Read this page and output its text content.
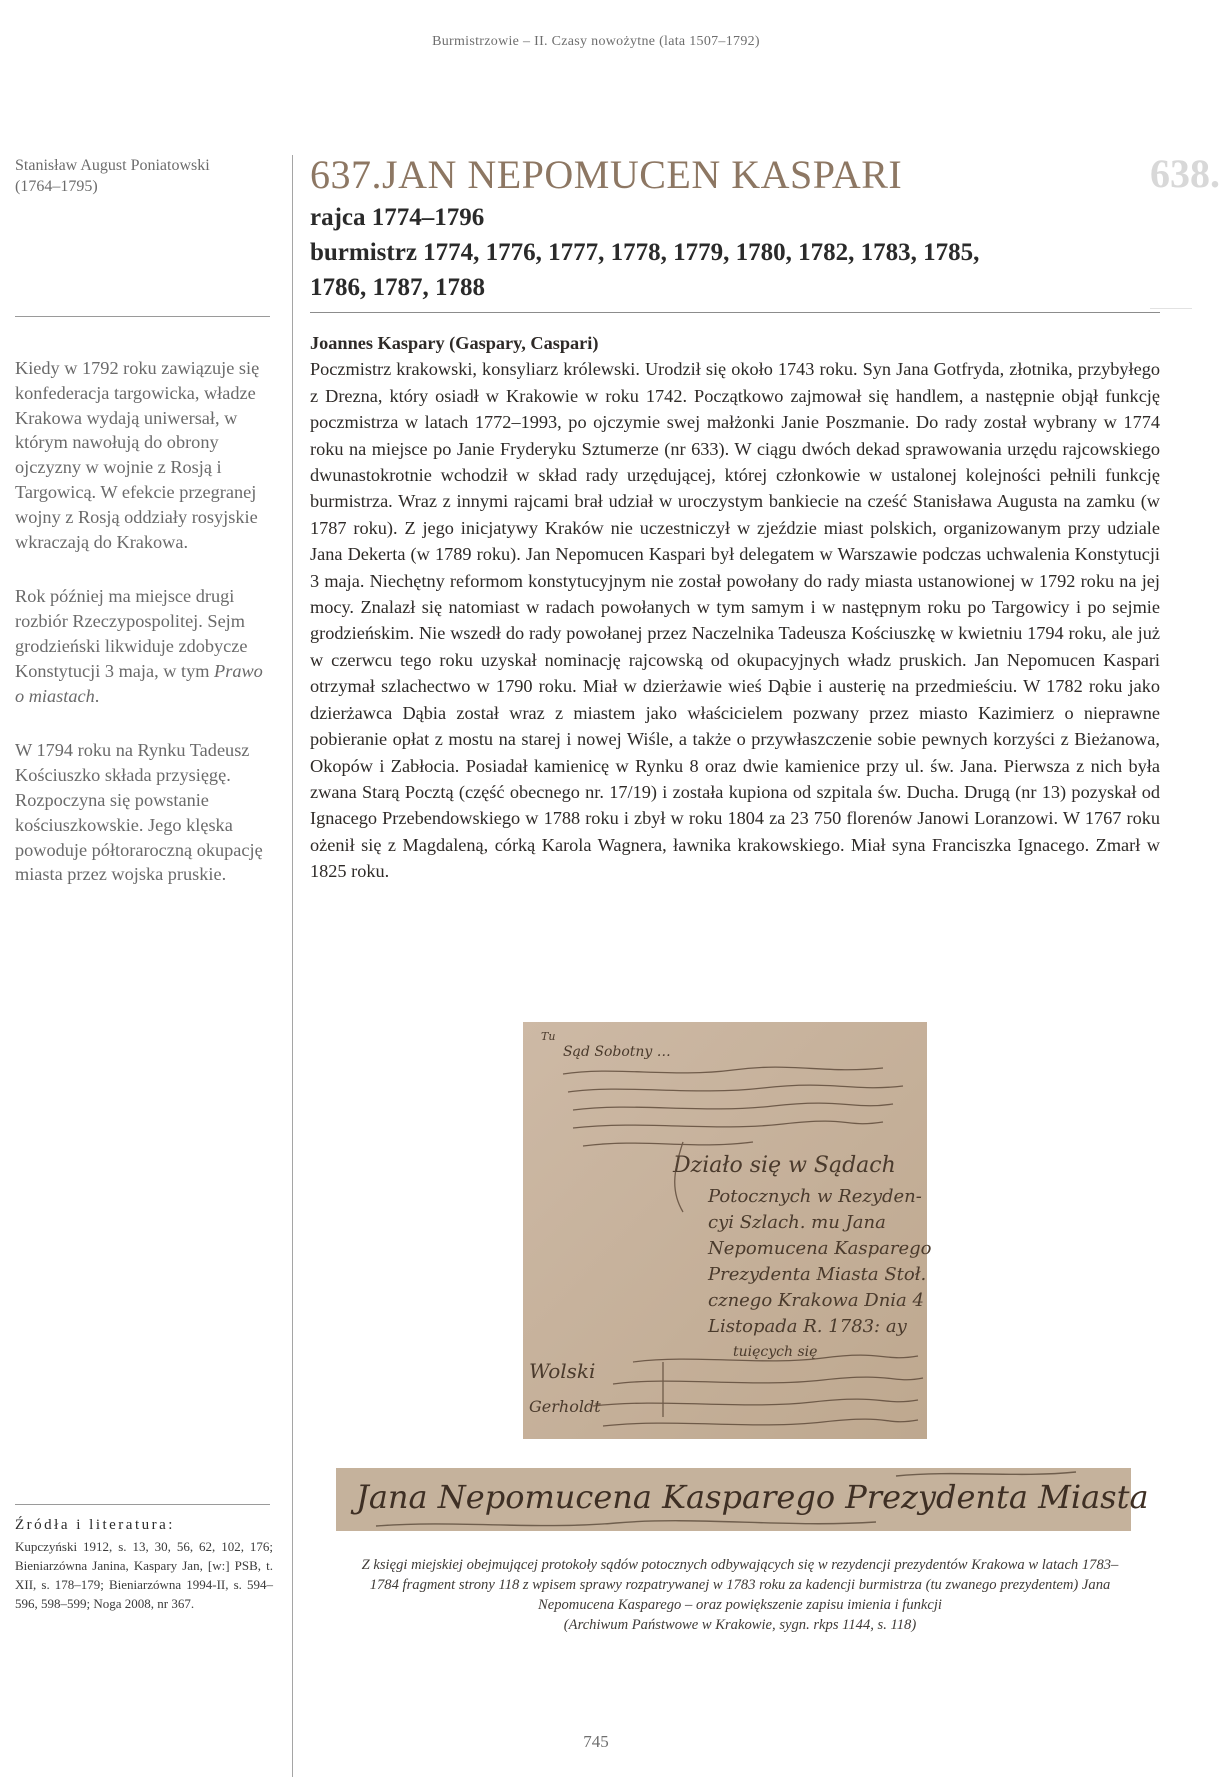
Burmistrzowie – II. Czasy nowożytne (lata 1507–1792)
638.
Stanisław August Poniatowski
(1764–1795)

Kiedy w 1792 roku zawiązuje się konfederacja targowicka, władze Krakowa wydają uniwersał, w którym nawołują do obrony ojczyzny w wojnie z Rosją i Targowicą. W efekcie przegranej wojny z Rosją oddziały rosyjskie wkraczają do Krakowa.

Rok później ma miejsce drugi rozbiór Rzeczypospolitej. Sejm grodzieński likwiduje zdobycze Konstytucji 3 maja, w tym Prawo o miastach.

W 1794 roku na Rynku Tadeusz Kościuszko składa przysięgę. Rozpoczyna się powstanie kościuszkowskie. Jego klęska powoduje półtoraroczną okupację miasta przez wojska pruskie.

637.JAN NEPOMUCEN KASPARI
rajca 1774–1796
burmistrz 1774, 1776, 1777, 1778, 1779, 1780, 1782, 1783, 1785,
1786, 1787, 1788
Joannes Kaspary (Gaspary, Caspari)
Poczmistrz krakowski, konsyliarz królewski. Urodził się około 1743 roku. Syn Jana Gotfryda, złotnika, przybyłego z Drezna, który osiadł w Krakowie w roku 1742. Początkowo zajmował się handlem, a następnie objął funkcję poczmistrza w latach 1772–1993, po ojczymie swej małżonki Janie Poszmanie. Do rady został wybrany w 1774 roku na miejsce po Janie Fryderyku Sztumerze (nr 633). W ciągu dwóch dekad sprawowania urzędu rajcowskiego dwunastokrotnie wchodził w skład rady urzędującej, której członkowie w ustalonej kolejności pełnili funkcję burmistrza. Wraz z innymi rajcami brał udział w uroczystym bankiecie na cześć Stanisława Augusta na zamku (w 1787 roku). Z jego inicjatywy Kraków nie uczestniczył w zjeździe miast polskich, organizowanym przy udziale Jana Dekerta (w 1789 roku). Jan Nepomucen Kaspari był delegatem w Warszawie podczas uchwalenia Konstytucji 3 maja. Niechętny reformom konstytucyjnym nie został powołany do rady miasta ustanowionej w 1792 roku na jej mocy. Znalazł się natomiast w radach powołanych w tym samym i w następnym roku po Targowicy i po sejmie grodzieńskim. Nie wszedł do rady powołanej przez Naczelnika Tadeusza Kościuszkę w kwietniu 1794 roku, ale już w czerwcu tego roku uzyskał nominację rajcowską od okupacyjnych władz pruskich. Jan Nepomucen Kaspari otrzymał szlachectwo w 1790 roku. Miał w dzierżawie wieś Dąbie i austerię na przedmieściu. W 1782 roku jako dzierżawca Dąbia został wraz z miastem jako właścicielem pozwany przez miasto Kazimierz o nieprawne pobieranie opłat z mostu na starej i nowej Wiśle, a także o przywłaszczenie sobie pewnych korzyści z Bieżanowa, Okopów i Zabłocia. Posiadał kamienicę w Rynku 8 oraz dwie kamienice przy ul. św. Jana. Pierwsza z nich była zwana Starą Pocztą (część obecnego nr. 17/19) i została kupiona od szpitala św. Ducha. Drugą (nr 13) pozyskał od Ignacego Przebendowskiego w 1788 roku i zbył w roku 1804 za 23 750 florenów Janowi Loranzowi. W 1767 roku ożenił się z Magdaleną, córką Karola Wagnera, ławnika krakowskiego. Miał syna Franciszka Ignacego. Zmarł w 1825 roku.
Tu
Sąd Sobotny …
Działo się w Sądach
Potocznych w Rezyden-
cyi Szlach. mu Jana
Nepomucena Kasparego
Prezydenta Miasta Stoł.
cznego Krakowa Dnia 4
Listopada R. 1783: ay
tuięcych się
Wolski
Gerholdt
Jana Nepomucena Kasparego Prezydenta Miasta
Z księgi miejskiej obejmującej protokoły sądów potocznych odbywających się w rezydencji prezydentów Krakowa w latach 1783–1784 fragment strony 118 z wpisem sprawy rozpatrywanej w 1783 roku za kadencji burmistrza (tu zwanego prezydentem) Jana Nepomucena Kasparego – oraz powiększenie zapisu imienia i funkcji
(Archiwum Państwowe w Krakowie, sygn. rkps 1144, s. 118)
Źródła i literatura:
Kupczyński 1912, s. 13, 30, 56, 62, 102, 176; Bieniarzówna Janina, Kaspary Jan, [w:] PSB, t. XII, s. 178–179; Bieniarzówna 1994-II, s. 594–596, 598–599; Noga 2008, nr 367.
745
